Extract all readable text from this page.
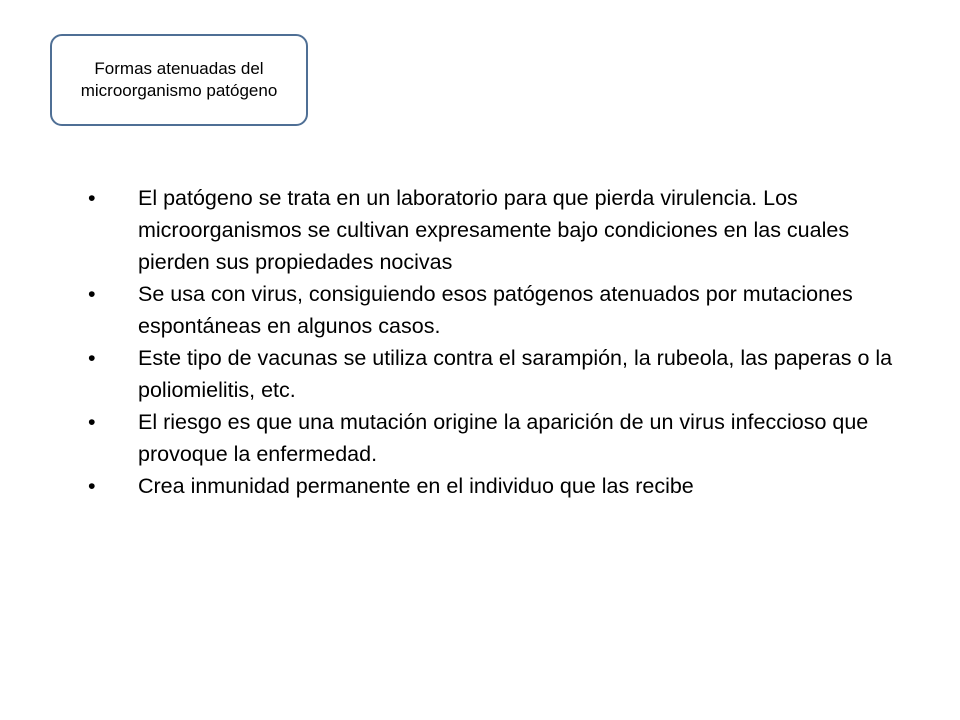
Formas atenuadas del microorganismo patógeno
•	El patógeno se trata en un laboratorio para que pierda virulencia. Los microorganismos se cultivan expresamente bajo condiciones en las cuales pierden sus propiedades nocivas
•	Se usa con virus, consiguiendo esos patógenos atenuados por mutaciones espontáneas en algunos casos.
•	Este tipo de vacunas se utiliza contra el sarampión, la rubeola, las paperas o la poliomielitis, etc.
•	El riesgo es que una mutación origine la aparición de un virus infeccioso que provoque la enfermedad.
•	Crea inmunidad permanente en el individuo que las recibe
